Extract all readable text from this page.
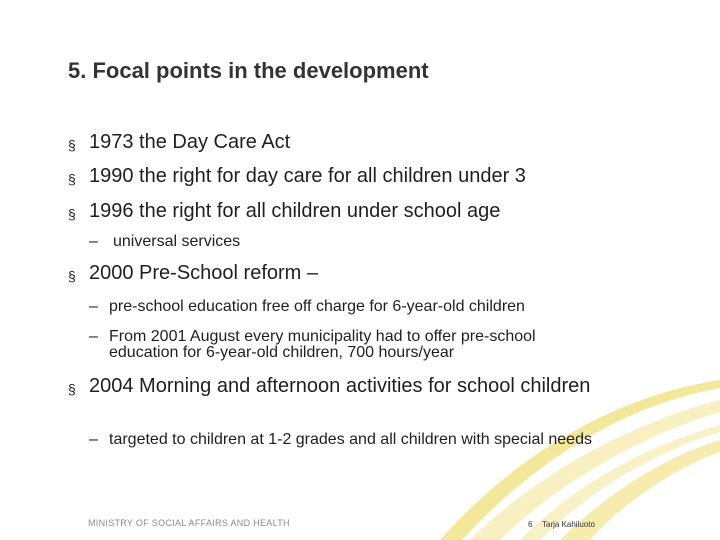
5. Focal points in the development
§ 1973 the Day Care Act
§ 1990 the right for day care for all children under 3
§ 1996 the right for all children under school age
– universal services
§ 2000 Pre-School reform –
– pre-school education free off charge for 6-year-old children
– From 2001 August every municipality had to offer pre-school education for 6-year-old children, 700 hours/year
§ 2004 Morning and afternoon activities for school children
– targeted to children at 1-2 grades and all children with special needs
MINISTRY OF SOCIAL AFFAIRS AND HEALTH	6 Tarja Kahiluoto
